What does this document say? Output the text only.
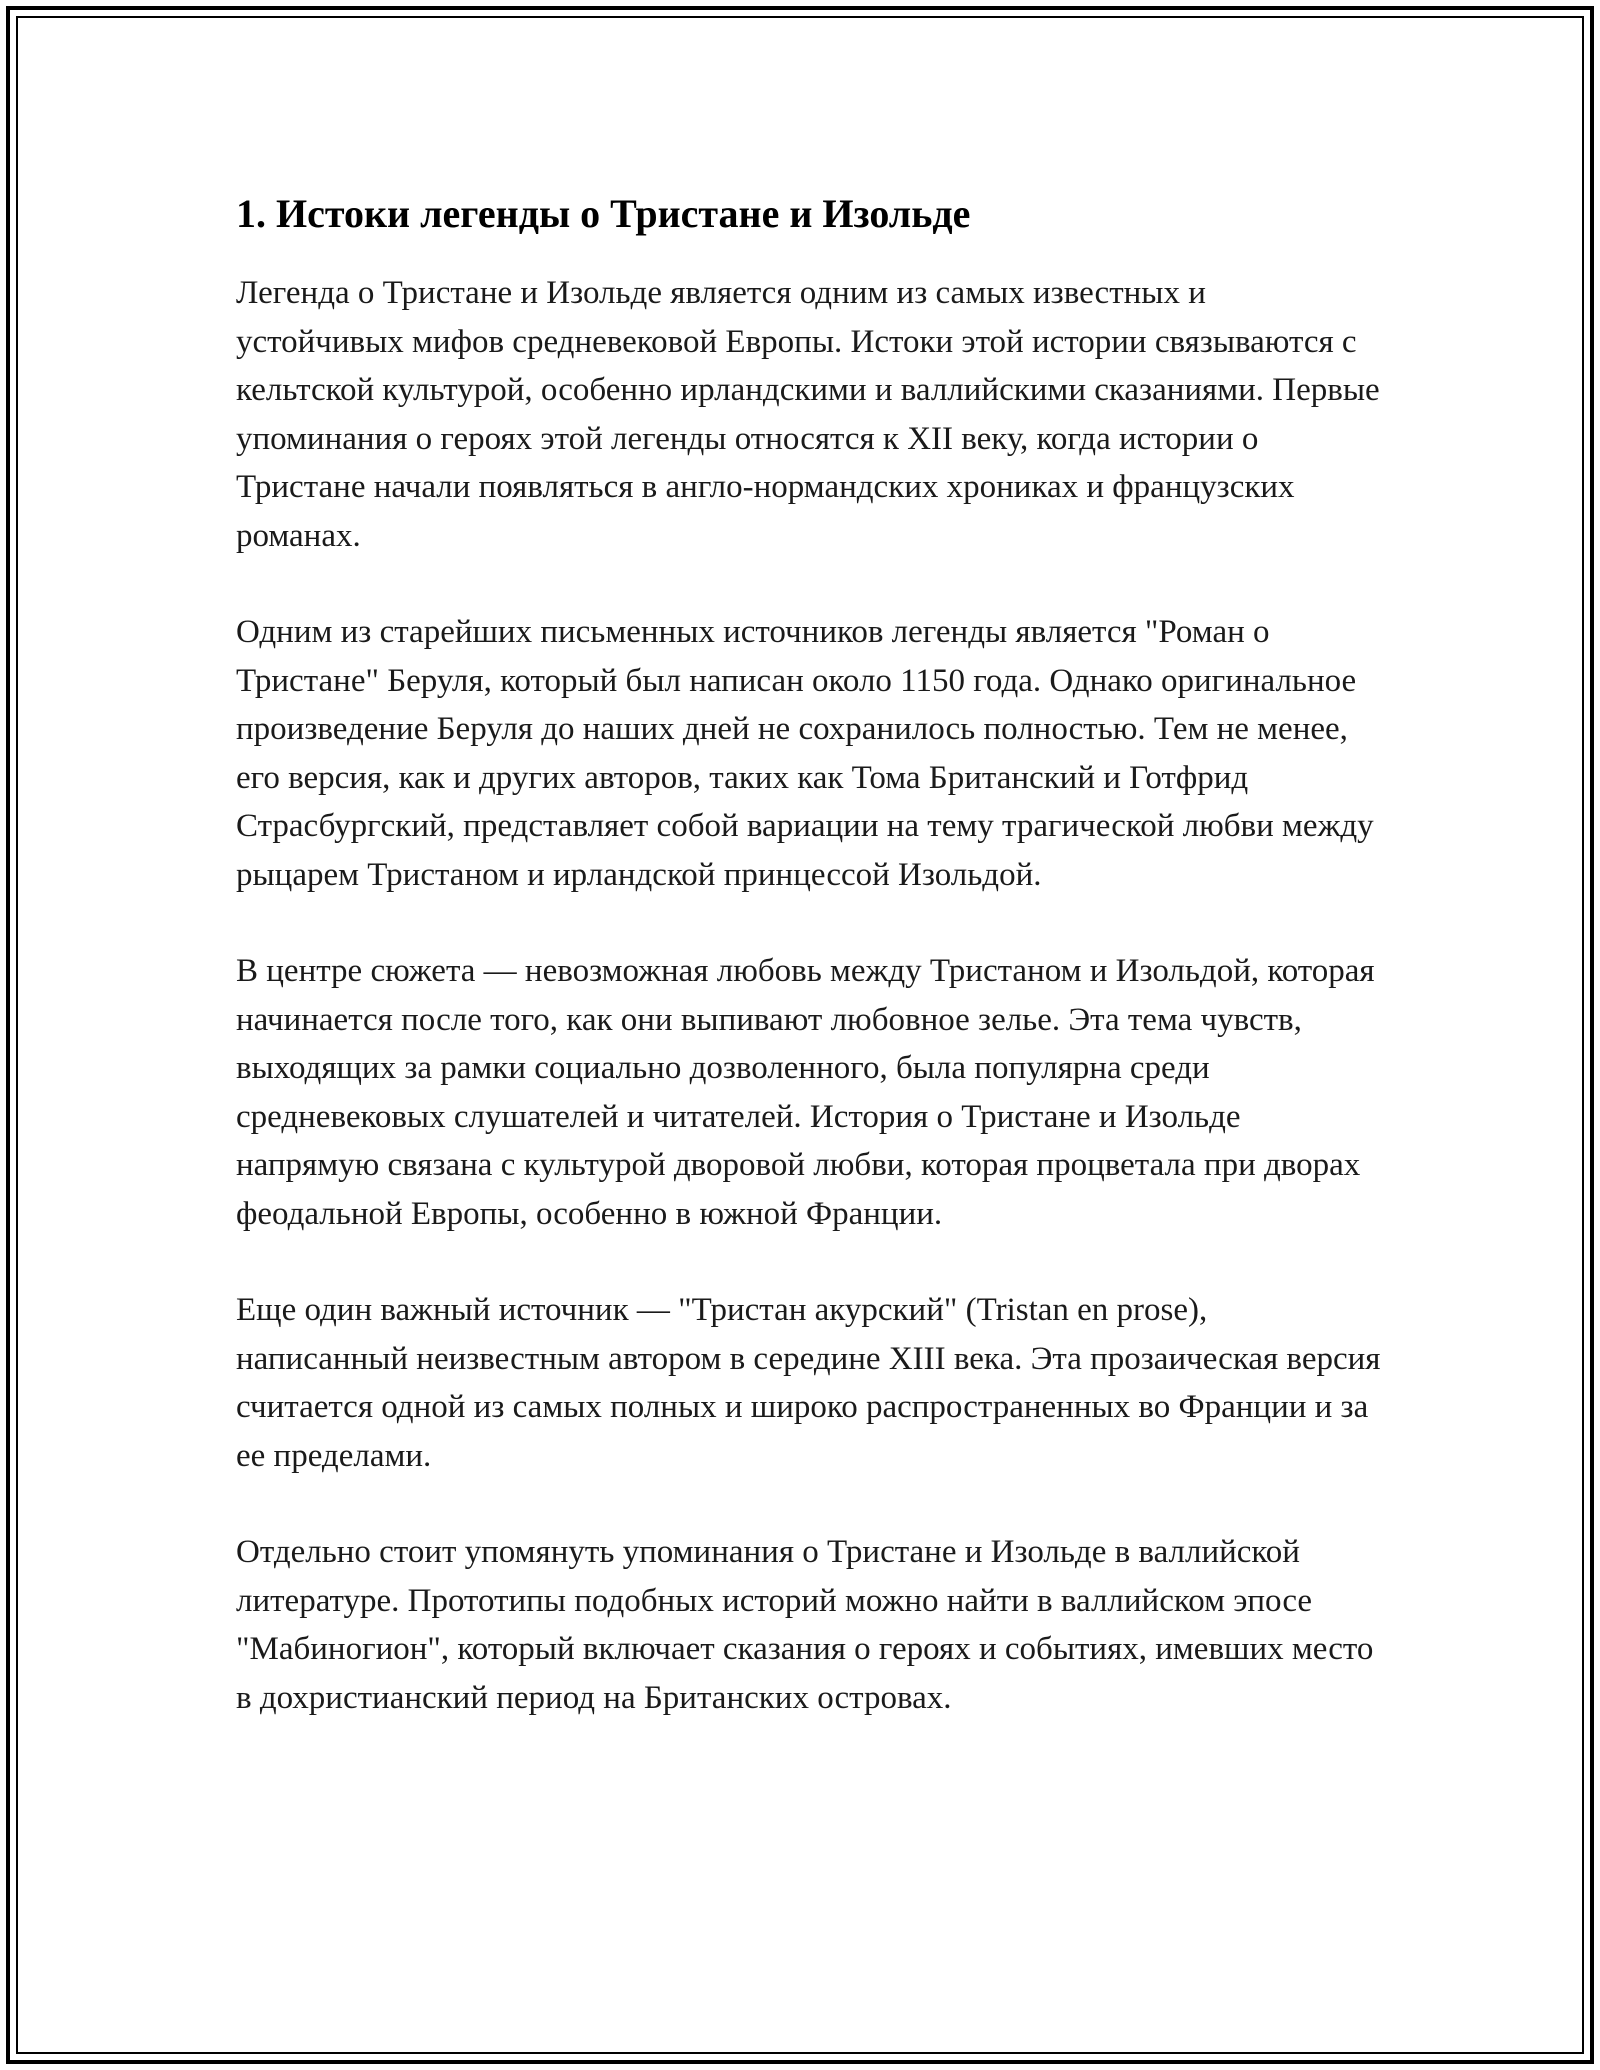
1. Истоки легенды о Тристане и Изольде

Легенда о Тристане и Изольде является одним из самых известных и устойчивых мифов средневековой Европы. Истоки этой истории связываются с кельтской культурой, особенно ирландскими и валлийскими сказаниями. Первые упоминания о героях этой легенды относятся к XII веку, когда истории о Тристане начали появляться в англо-нормандских хрониках и французских романах.

Одним из старейших письменных источников легенды является "Роман о Тристане" Беруля, который был написан около 1150 года. Однако оригинальное произведение Беруля до наших дней не сохранилось полностью. Тем не менее, его версия, как и других авторов, таких как Тома Британский и Готфрид Страсбургский, представляет собой вариации на тему трагической любви между рыцарем Тристаном и ирландской принцессой Изольдой.

В центре сюжета — невозможная любовь между Тристаном и Изольдой, которая начинается после того, как они выпивают любовное зелье. Эта тема чувств, выходящих за рамки социально дозволенного, была популярна среди средневековых слушателей и читателей. История о Тристане и Изольде напрямую связана с культурой дворовой любви, которая процветала при дворах феодальной Европы, особенно в южной Франции.

Еще один важный источник — "Тристан акурский" (Tristan en prose), написанный неизвестным автором в середине XIII века. Эта прозаическая версия считается одной из самых полных и широко распространенных во Франции и за ее пределами.

Отдельно стоит упомянуть упоминания о Тристане и Изольде в валлийской литературе. Прототипы подобных историй можно найти в валлийском эпосе "Мабиногион", который включает сказания о героях и событиях, имевших место в дохристианский период на Британских островах.
